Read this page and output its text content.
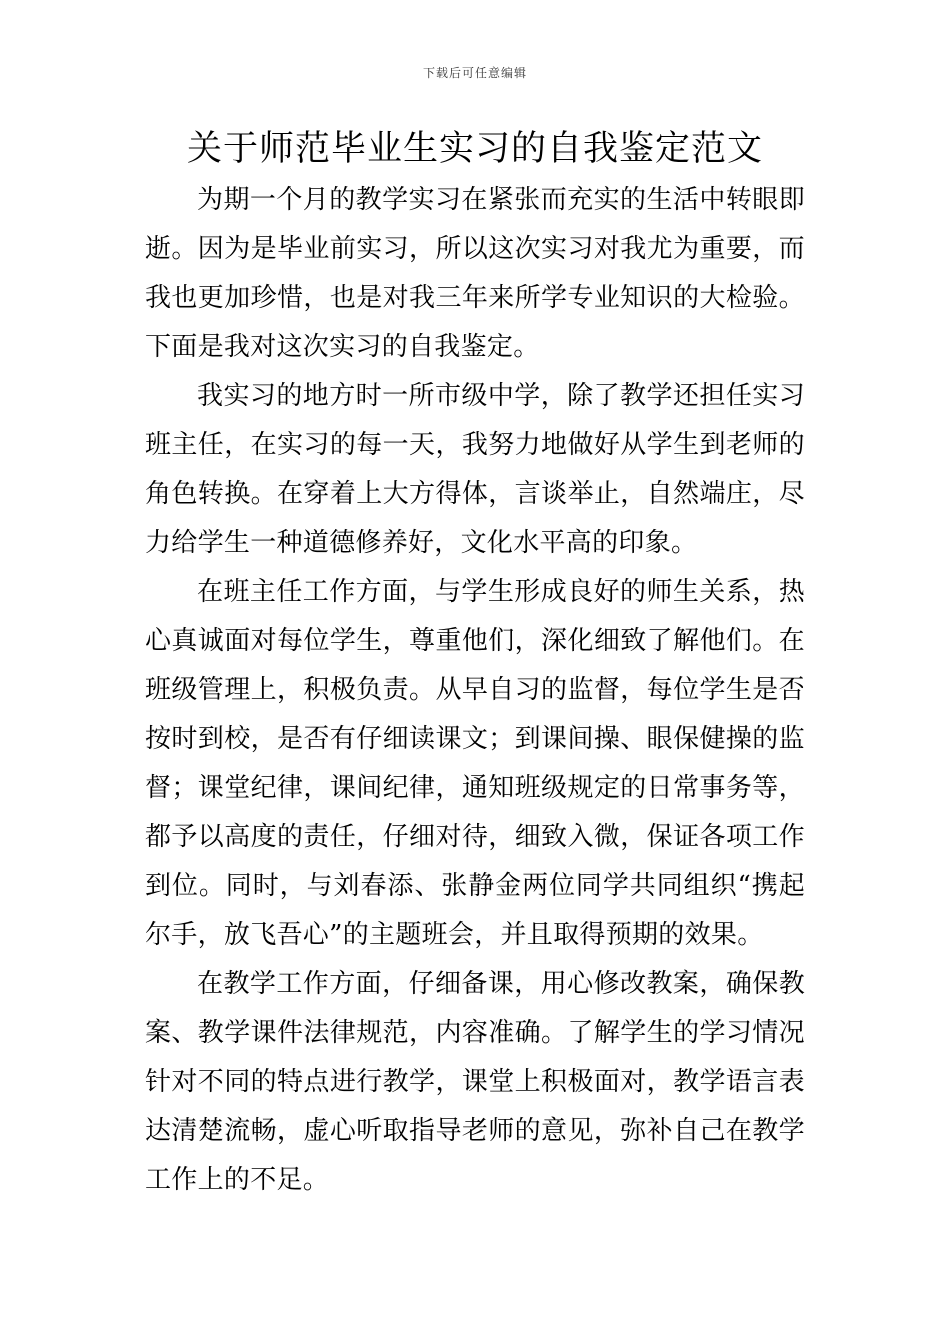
下载后可任意编辑
关于师范毕业生实习的自我鉴定范文

为期一个月的教学实习在紧张而充实的生活中转眼即逝。因为是毕业前实习，所以这次实习对我尤为重要，而我也更加珍惜，也是对我三年来所学专业知识的大检验。下面是我对这次实习的自我鉴定。

我实习的地方时一所市级中学，除了教学还担任实习班主任，在实习的每一天，我努力地做好从学生到老师的角色转换。在穿着上大方得体，言谈举止，自然端庄，尽力给学生一种道德修养好，文化水平高的印象。

在班主任工作方面，与学生形成良好的师生关系，热心真诚面对每位学生，尊重他们，深化细致了解他们。在班级管理上，积极负责。从早自习的监督，每位学生是否按时到校，是否有仔细读课文；到课间操、眼保健操的监督；课堂纪律，课间纪律，通知班级规定的日常事务等，都予以高度的责任，仔细对待，细致入微，保证各项工作到位。同时，与刘春添、张静金两位同学共同组织“携起尔手，放飞吾心”的主题班会，并且取得预期的效果。

在教学工作方面，仔细备课，用心修改教案，确保教案、教学课件法律规范，内容准确。了解学生的学习情况针对不同的特点进行教学，课堂上积极面对，教学语言表达清楚流畅，虚心听取指导老师的意见，弥补自己在教学工作上的不足。
